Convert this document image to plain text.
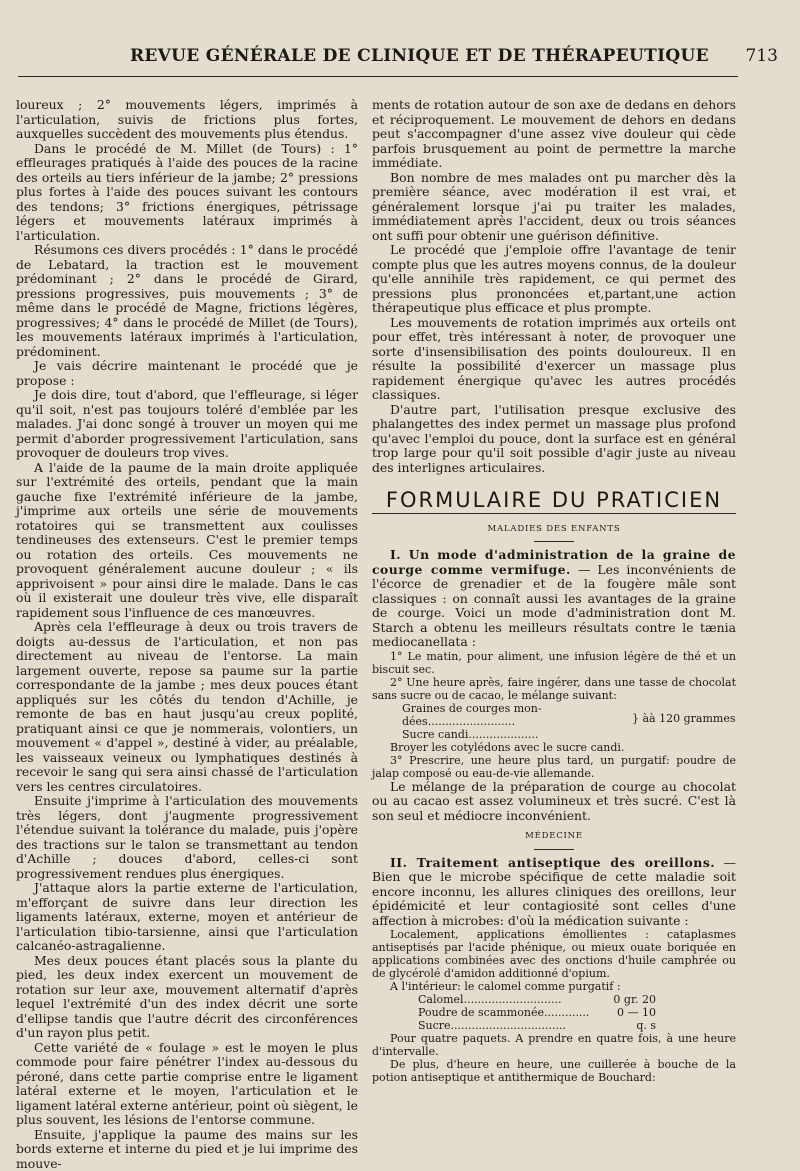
REVUE GÉNÉRALE DE CLINIQUE ET DE THÉRAPEUTIQUE 713

loureux ; 2° mouvements légers, imprimés à l'articulation, suivis de frictions plus fortes, auxquelles succèdent des mouvements plus étendus.

Dans le procédé de M. Millet (de Tours) : 1° effleurages pratiqués à l'aide des pouces de la racine des orteils au tiers inférieur de la jambe; 2° pressions plus fortes à l'aide des pouces suivant les contours des tendons; 3° frictions énergiques, pétrissage légers et mouvements latéraux imprimés à l'articulation.

Résumons ces divers procédés : 1° dans le procédé de Lebatard, la traction est le mouvement prédominant ; 2° dans le procédé de Girard, pressions progressives, puis mouvements ; 3° de même dans le procédé de Magne, frictions légères, progressives; 4° dans le procédé de Millet (de Tours), les mouvements latéraux imprimés à l'articulation, prédominent.

Je vais décrire maintenant le procédé que je propose :

Je dois dire, tout d'abord, que l'effleurage, si léger qu'il soit, n'est pas toujours toléré d'emblée par les malades. J'ai donc songé à trouver un moyen qui me permit d'aborder progressivement l'articulation, sans provoquer de douleurs trop vives.

A l'aide de la paume de la main droite appliquée sur l'extrémité des orteils, pendant que la main gauche fixe l'extrémité inférieure de la jambe, j'imprime aux orteils une série de mouvements rotatoires qui se transmettent aux coulisses tendineuses des extenseurs. C'est le premier temps ou rotation des orteils. Ces mouvements ne provoquent généralement aucune douleur ; « ils apprivoisent » pour ainsi dire le malade. Dans le cas où il existerait une douleur très vive, elle disparaît rapidement sous l'influence de ces manœuvres.

Après cela l'effleurage à deux ou trois travers de doigts au-dessus de l'articulation, et non pas directement au niveau de l'entorse. La main largement ouverte, repose sa paume sur la partie correspondante de la jambe ; mes deux pouces étant appliqués sur les côtés du tendon d'Achille, je remonte de bas en haut jusqu'au creux poplité, pratiquant ainsi ce que je nommerais, volontiers, un mouvement « d'appel », destiné à vider, au préalable, les vaisseaux veineux ou lymphatiques destinés à recevoir le sang qui sera ainsi chassé de l'articulation vers les centres circulatoires.

Ensuite j'imprime à l'articulation des mouvements très légers, dont j'augmente progressivement l'étendue suivant la tolérance du malade, puis j'opère des tractions sur le talon se transmettant au tendon d'Achille ; douces d'abord, celles-ci sont progressivement rendues plus énergiques.

J'attaque alors la partie externe de l'articulation, m'efforçant de suivre dans leur direction les ligaments latéraux, externe, moyen et antérieur de l'articulation tibio-tarsienne, ainsi que l'articulation calcanéo-astragalienne.

Mes deux pouces étant placés sous la plante du pied, les deux index exercent un mouvement de rotation sur leur axe, mouvement alternatif d'après lequel l'extrémité d'un des index décrit une sorte d'ellipse tandis que l'autre décrit des circonférences d'un rayon plus petit.

Cette variété de « foulage » est le moyen le plus commode pour faire pénétrer l'index au-dessous du péroné, dans cette partie comprise entre le ligament latéral externe et le moyen, l'articulation et le ligament latéral externe antérieur, point où siègent, le plus souvent, les lésions de l'entorse commune.

Ensuite, j'applique la paume des mains sur les bords externe et interne du pied et je lui imprime des mouve-

ments de rotation autour de son axe de dedans en dehors et réciproquement. Le mouvement de dehors en dedans peut s'accompagner d'une assez vive douleur qui cède parfois brusquement au point de permettre la marche immédiate.

Bon nombre de mes malades ont pu marcher dès la première séance, avec modération il est vrai, et généralement lorsque j'ai pu traiter les malades, immédiatement après l'accident, deux ou trois séances ont suffi pour obtenir une guérison définitive.

Le procédé que j'emploie offre l'avantage de tenir compte plus que les autres moyens connus, de la douleur qu'elle annihile très rapidement, ce qui permet des pressions plus prononcées et,partant,une action thérapeutique plus efficace et plus prompte.

Les mouvements de rotation imprimés aux orteils ont pour effet, très intéressant à noter, de provoquer une sorte d'insensibilisation des points douloureux. Il en résulte la possibilité d'exercer un massage plus rapidement énergique qu'avec les autres procédés classiques.

D'autre part, l'utilisation presque exclusive des phalangettes des index permet un massage plus profond qu'avec l'emploi du pouce, dont la surface est en général trop large pour qu'il soit possible d'agir juste au niveau des interlignes articulaires.

FORMULAIRE DU PRATICIEN
MALADIES DES ENFANTS

I. Un mode d'administration de la graine de courge comme vermifuge. — Les inconvénients de l'écorce de grenadier et de la fougère mâle sont classiques : on connaît aussi les avantages de la graine de courge. Voici un mode d'administration dont M. Starch a obtenu les meilleurs résultats contre le tænia mediocanellata :

1° Le matin, pour aliment, une infusion légère de thé et un biscuit sec.

2° Une heure après, faire ingérer, dans une tasse de chocolat sans sucre ou de cacao, le mélange suivant:

Graines de courges mon-
dées.........................
Sucre candi....................
} àà 120 grammes

Broyer les cotylédons avec le sucre candi.

3° Prescrire, une heure plus tard, un purgatif: poudre de jalap composé ou eau-de-vie allemande.

Le mélange de la préparation de courge au chocolat ou au cacao est assez volumineux et très sucré. C'est là son seul et médiocre inconvénient.

MÉDECINE

II. Traitement antiseptique des oreillons. — Bien que le microbe spécifique de cette maladie soit encore inconnu, les allures cliniques des oreillons, leur épidémicité et leur contagiosité sont celles d'une affection à microbes: d'où la médication suivante :

Localement, applications émollientes : cataplasmes antiseptisés par l'acide phénique, ou mieux ouate boriquée en applications combinées avec des onctions d'huile camphrée ou de glycérolé d'amidon additionné d'opium.

A l'intérieur: le calomel comme purgatif :

Calomel............................	0 gr. 20
Poudre de scammonée.............	0 — 10
Sucre.................................	q. s

Pour quatre paquets. A prendre en quatre fois, à une heure d'intervalle.

De plus, d'heure en heure, une cuillerée à bouche de la potion antiseptique et antithermique de Bouchard:
